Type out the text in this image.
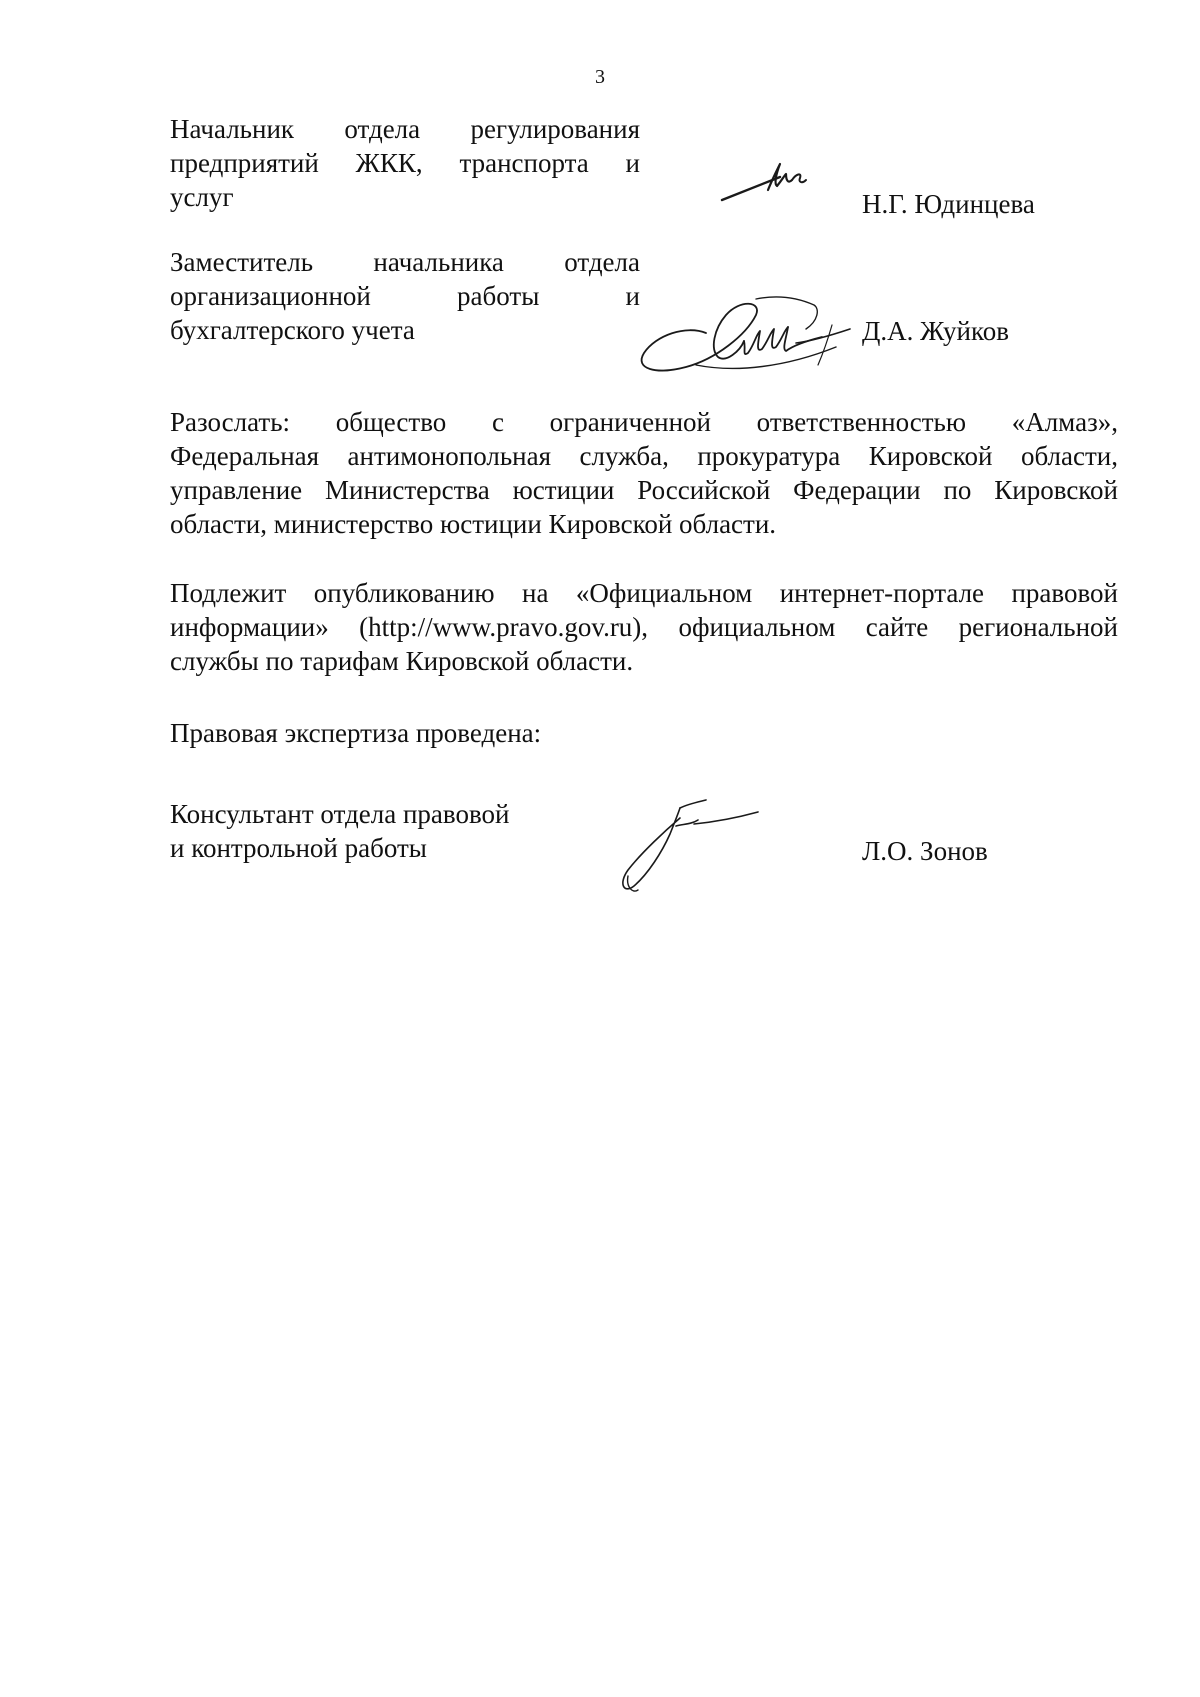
3
Начальник отдела регулирования
предприятий ЖКК, транспорта и
услуг	Н.Г. Юдинцева
Заместитель начальника отдела
организационной работы и
бухгалтерского учета	Д.А. Жуйков
Разослать: общество с ограниченной ответственностью «Алмаз»,
Федеральная антимонопольная служба, прокуратура Кировской области,
управление Министерства юстиции Российской Федерации по Кировской
области, министерство юстиции Кировской области.
Подлежит опубликованию на «Официальном интернет-портале правовой
информации» (http://www.pravo.gov.ru), официальном сайте региональной
службы по тарифам Кировской области.
Правовая экспертиза проведена:
Консультант отдела правовой
и контрольной работы	Л.О. Зонов
